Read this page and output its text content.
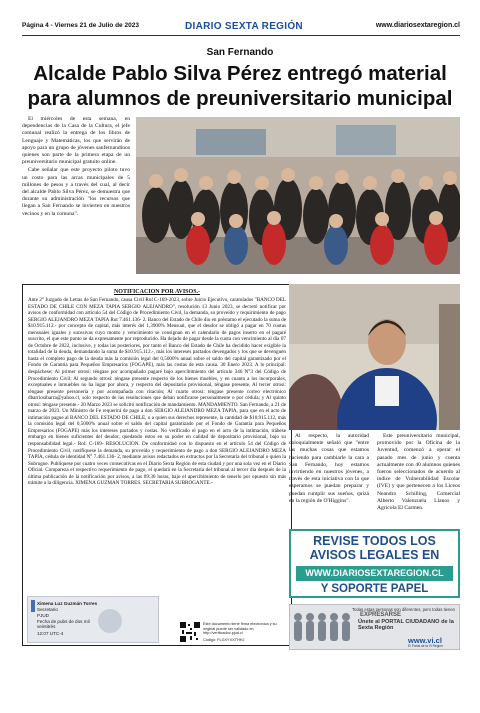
Página 4 - Viernes 21 de Julio de 2023	DIARIO SEXTA REGIÓN	www.diariosextaregion.cl
San Fernando
Alcalde Pablo Silva Pérez entregó material
para alumnos de preuniversitario municipal

El miércoles de esta semana, en dependencias de la Casa de la Cultura, el jefe comunal realizó la entrega de los libros de Lenguaje y Matemáticas, los que servirán de apoyo para un grupo de jóvenes sanfernandinos quienes son parte de la primera etapa de un preuniversitario municipal gratuito online.

Cabe señalar que este proyecto piloto tuvo un costo para las arcas municipales de 5 millones de pesos y a través del cual, al decir del alcalde Pablo Silva Pérez, se demuestra que durante su administración "los recursos que llegan a San Fernando se invierten en nuestros vecinos y en la comuna".

NOTIFICACION POR AVISOS.-
Ante 2° Juzgado de Letras de San Fernando, causa Civil Rol C-169-2023, sobre Juicio Ejecutivo, caratulados "BANCO DEL ESTADO DE CHILE CON MEZA TAPIA SERGIO ALEJANDRO", resolución 13 Junio 2023, se decretó notificar por avisos de conformidad con artículo 54 del Código de Procedimiento Civil, la demanda, su proveído y requirimiento de pago SERGIO ALEJANDRO MEZA TAPIA Rut 7.461.136- 2. Banco del Estado de Chile dio en préstamo el ejecutado la suma de $10.915.112.- por concepto de capital, más interés del 1,3900% Mensual, que el deudor se obligó a pagar en 70 cuotas mensuales iguales y sucesivas cuyo monto y vencimiento se consignan en el calendario de pagos inserto en el pagaré suscrito, el que este punto se da expresamente por reproducido. Ha dejado de pagar desde la cuota con vencimiento al día 07 de Octubre de 2022, inclusive, y todas las posteriores, por tanto el Banco del Estado de Chile ha decidido hacer exigible la totalidad de la deuda, demandando la suma de $10.915.112.-, más los intereses pactados devengados y los que se devenguen hasta el completo pago de la deuda más la comisión legal del 0,5000% anual sobre el saldo del capital garantizado por el Fondo de Garantía para Pequeños Empresarios (FOGAPE), más las costas de esta causa. 30 Enero 2023. A lo principal: despáchese; Al primer otrosí: téngase por acompañado pagaré bajo apercibimiento del artículo 346 N°3 del Código de Procedimiento Civil; Al segundo otrosí: téngase presente respecto de los bienes muebles, y en cuanto a los incorporales, exceptuales e inmuebles no ha lugar por ahora, y respecto del depositario provisional, téngase presente, Al tercer otrosí: téngase presente personería y por acompañada con citación; Al cuarto otrosí: téngase presente correo electrónico dbarriosibarra@yahoo.cl, solo respecto de las resoluciones que deban notificarse personalmente o por cédula; y Al quinto otrosí: téngase presente.- 20 Marzo 2023 se solicitó notificación de mandamiento. MANDAMIENTO. San Fernando, a 21 de marzo de 2023. Un Ministro de Fe requerirá de pago a don SERGIO ALEJANDRO MEZA TAPIA, para que en el acto de intimación pague al BANCO DEL ESTADO DE CHILE, o a quien sus derechos represente, la cantidad de $10.915.112, más la comisión legal del 0,5000% anual sobre el saldo del capital garantizado por el Fondo de Garantía para Pequeños Empresarios (FOGAPE) más los intereses pactados y costas. No verificado el pago en el acto de la intimación, trábese embargo en bienes suficientes del deudor, quedando estos en su poder en calidad de depositario provisional, bajo su responsabilidad legal.- Rol: C-169- RESOLUCION. De conformidad con lo dispuesto en el artículo 54 del Código de Procedimiento Civil, notifíquese la demanda, su proveído y requerimiento de pago a don SERGIO ALEJANDRO MEZA TAPIA, cédula de identidad N° 7.461.136- 2, mediante avisos redactados en extractos por la Secretaria del tribunal o quien la Subrogue. Publíquese por cuatro veces consecutivas en el Diario Sexta Región de esta ciudad y por una sola vez en el Diario Oficial. Compareza el respectivo requerimiento de pago, el quedará en la Secretaría del tribunal al tercer día después de la última publicación de la notificación por avisos, a las 09:30 horas, bajo el apercibimiento de tenerlo por opuesto sin más trámite a la diligencia. XIMENA GUZMAN TORRES. SECRETARIA SUBROGANTE.-
Ximena Luz Guzmán Torres
Secretario
PJUD
Fecha de pubs de dos mil veintitrés
12:07 UTC-4
Este documento tiene firma electrónica y su original puede ser validado en http://verificadoc.pjud.cl
Código: FLGXYXXTHHJ

Al respecto, la autoridad coloquialmente señaló que "entre las muchas cosas que estamos haciendo para cambiarle la cara a San Fernando, hoy estamos invirtiendo en nuestros jóvenes, a través de esta iniciativa con la que esperamos se puedan preparar y puedan cumplir sus sueños, quizá en la región de O'Higgins".

Este preuniversitario municipal, promovido por la Oficina de la Juventud, comenzó a operar el pasado mes de junio y cuenta actualmente con 40 alumnos quienes fueron seleccionados de acuerdo al índice de Vulnerabilidad Escolar (IVE) y que pertenecen a los Liceos Neandro Schilling, Comercial Alberto Valenzuela Llanos y Agrícola El Carmen.

REVISE TODOS LOS
AVISOS LEGALES EN
WWW.DIARIOSEXTAREGION.CL
Y SOPORTE PAPEL
Todas estas personas son diferentes, pero todas tienen
EXPRESARSE
Únete al PORTAL CIUDADANO de la Sexta Región
www.vi.cl
El Portal de la VI Región
